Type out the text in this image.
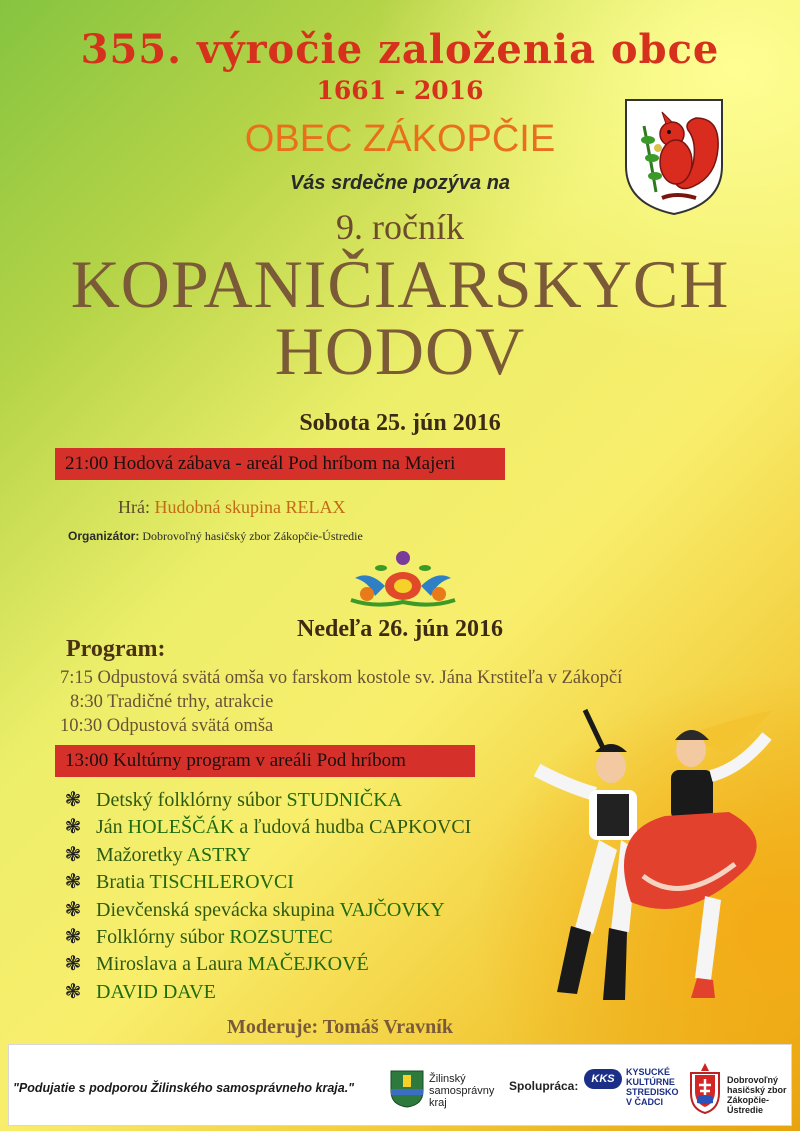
355. výročie založenia obce
1661 - 2016
OBEC ZÁKOPČIE
Vás srdečne pozýva na
9. ročník
KOPANIČIARSKYCH
HODOV
Sobota 25. jún 2016
21:00 Hodová zábava - areál Pod hríbom na Majeri
Hrá: Hudobná skupina RELAX
Organizátor: Dobrovoľný hasičský zbor Zákopčie-Ústredie
Nedeľa 26. jún 2016
Program:
7:15 Odpustová svätá omša vo farskom kostole sv. Jána Krstiteľa v Zákopčí
8:30 Tradičné trhy, atrakcie
10:30 Odpustová svätá omša
13:00 Kultúrny program v areáli Pod hríbom
Moderuje: Tomáš Vravník
"Podujatie s podporou Žilinského samosprávneho kraja."
Žilinský samosprávny kraj
Spolupráca:	KKS
KYSUCKÉ KULTÚRNE STREDISKO V ČADCI
Dobrovoľný hasičský zbor Zákopčie-Ústredie
❃ Detský folklórny súbor STUDNIČKA
❃ Ján HOLEŠČÁK a ľudová hudba CAPKOVCI
❃ Mažoretky ASTRY
❃ Bratia TISCHLEROVCI
❃ Dievčenská spevácka skupina VAJČOVKY
❃ Folklórny súbor ROZSUTEC
❃ Miroslava a Laura MAČEJKOVÉ
❃ DAVID DAVE
